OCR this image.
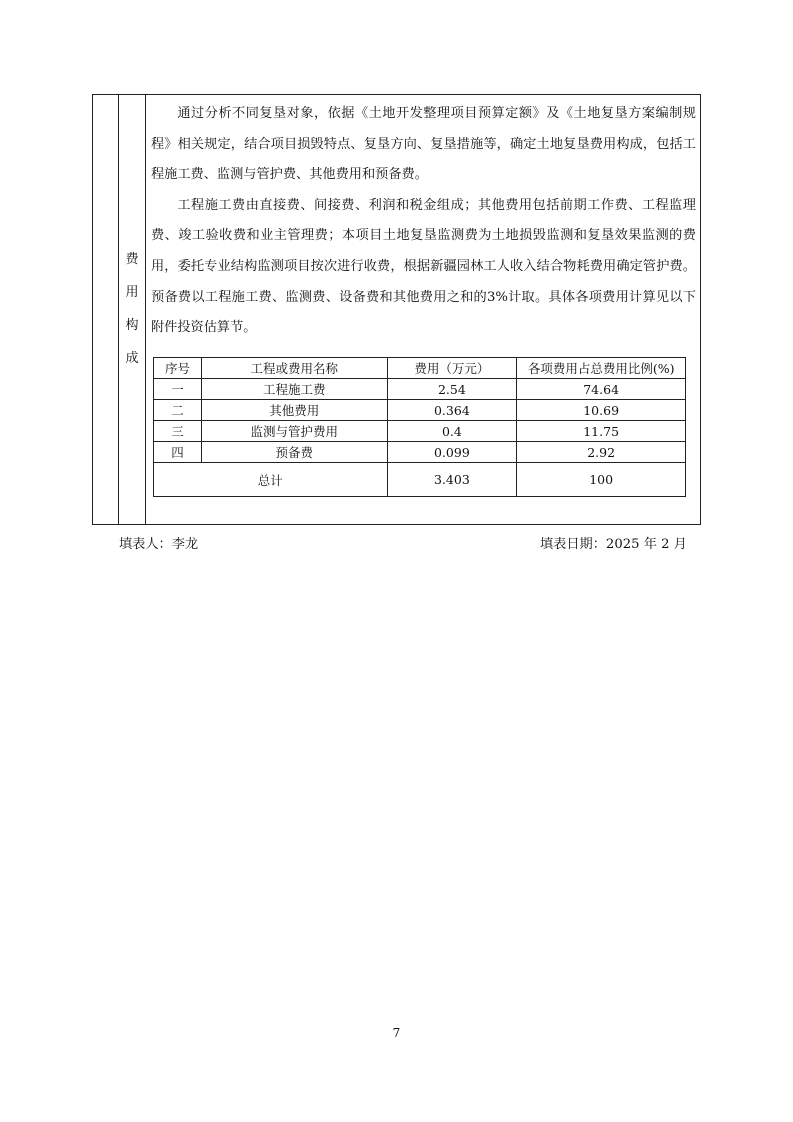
费
用
构
成

通过分析不同复垦对象，依据《土地开发整理项目预算定额》及《土地复垦方案编制规程》相关规定，结合项目损毁特点、复垦方向、复垦措施等，确定土地复垦费用构成，包括工程施工费、监测与管护费、其他费用和预备费。

工程施工费由直接费、间接费、利润和税金组成；其他费用包括前期工作费、工程监理费、竣工验收费和业主管理费；本项目土地复垦监测费为土地损毁监测和复垦效果监测的费用，委托专业结构监测项目按次进行收费，根据新疆园林工人收入结合物耗费用确定管护费。预备费以工程施工费、监测费、设备费和其他费用之和的3%计取。具体各项费用计算见以下附件投资估算节。

序号	工程或费用名称	费用（万元）	各项费用占总费用比例(%)
一	工程施工费	2.54	74.64
二	其他费用	0.364	10.69
三	监测与管护费用	0.4	11.75
四	预备费	0.099	2.92
总计		3.403	100
填表人：李龙	填表日期：2025 年 2 月
7
